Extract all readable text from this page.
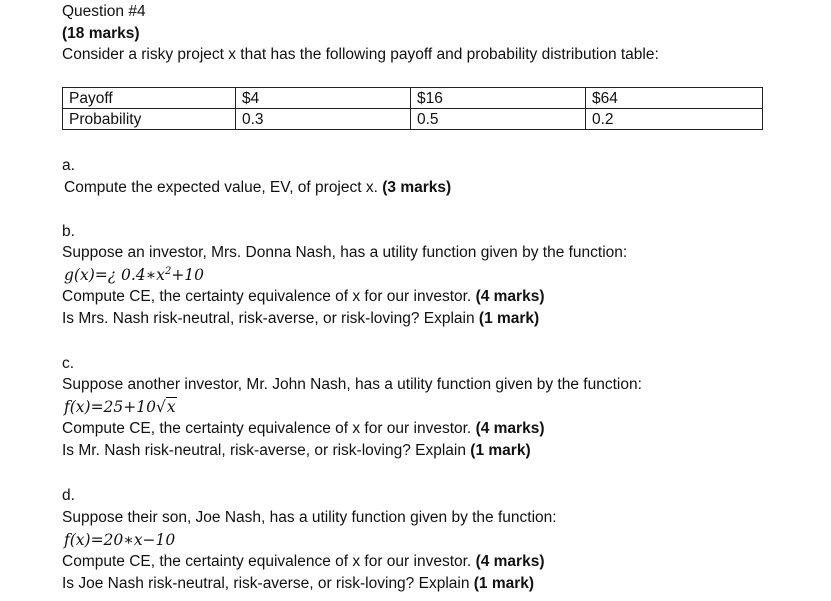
Question #4
(18 marks)
Consider a risky project x that has the following payoff and probability distribution table:
Payoff	$4	$16	$64
Probability	0.3	0.5	0.2
a.
Compute the expected value, EV, of project x. (3 marks)
b.
Suppose an investor, Mrs. Donna Nash, has a utility function given by the function:
g(x)=¿ $0.4∗x^2+10$
Compute CE, the certainty equivalence of x for our investor. (4 marks)
Is Mrs. Nash risk-neutral, risk-averse, or risk-loving? Explain (1 mark)
c.
Suppose another investor, Mr. John Nash, has a utility function given by the function:
f(x)=25+10√x
Compute CE, the certainty equivalence of x for our investor. (4 marks)
Is Mr. Nash risk-neutral, risk-averse, or risk-loving? Explain (1 mark)
d.
Suppose their son, Joe Nash, has a utility function given by the function:
f(x)=20∗x−10
Compute CE, the certainty equivalence of x for our investor. (4 marks)
Is Joe Nash risk-neutral, risk-averse, or risk-loving? Explain (1 mark)
